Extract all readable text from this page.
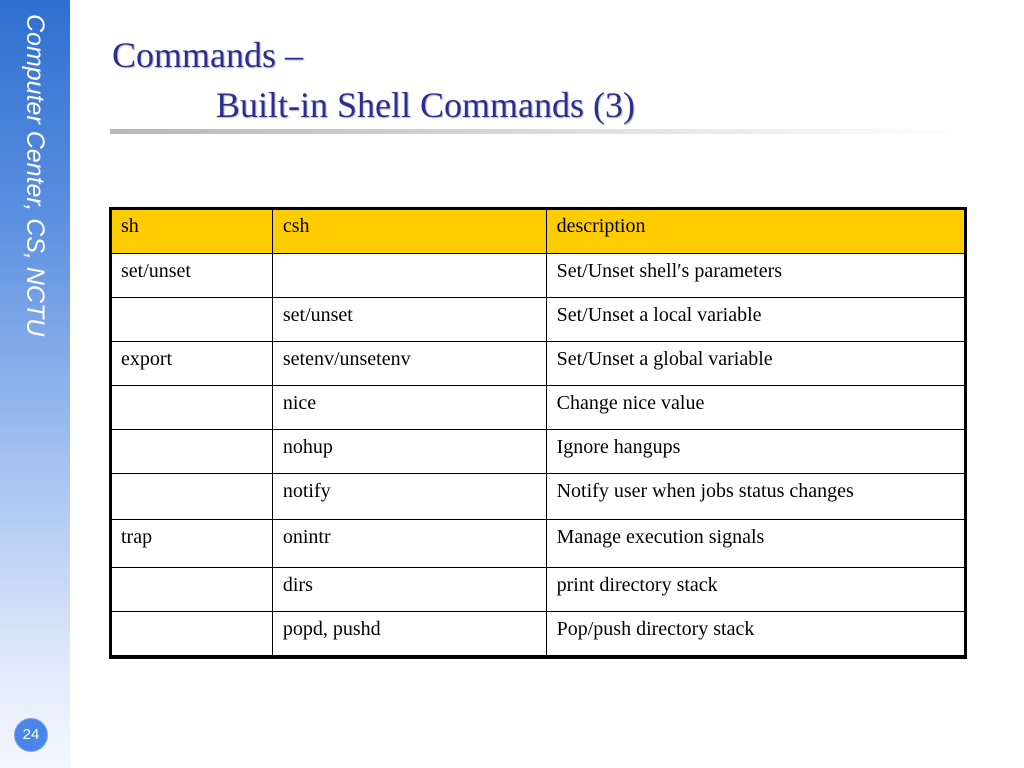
Computer Center, CS, NCTU
24
Commands –
Built-in Shell Commands (3)
sh	csh	description
set/unset		Set/Unset shell′s parameters
	set/unset	Set/Unset a local variable
export	setenv/unsetenv	Set/Unset a global variable
	nice	Change nice value
	nohup	Ignore hangups
	notify	Notify user when jobs status changes
trap	onintr	Manage execution signals
	dirs	print directory stack
	popd, pushd	Pop/push directory stack
